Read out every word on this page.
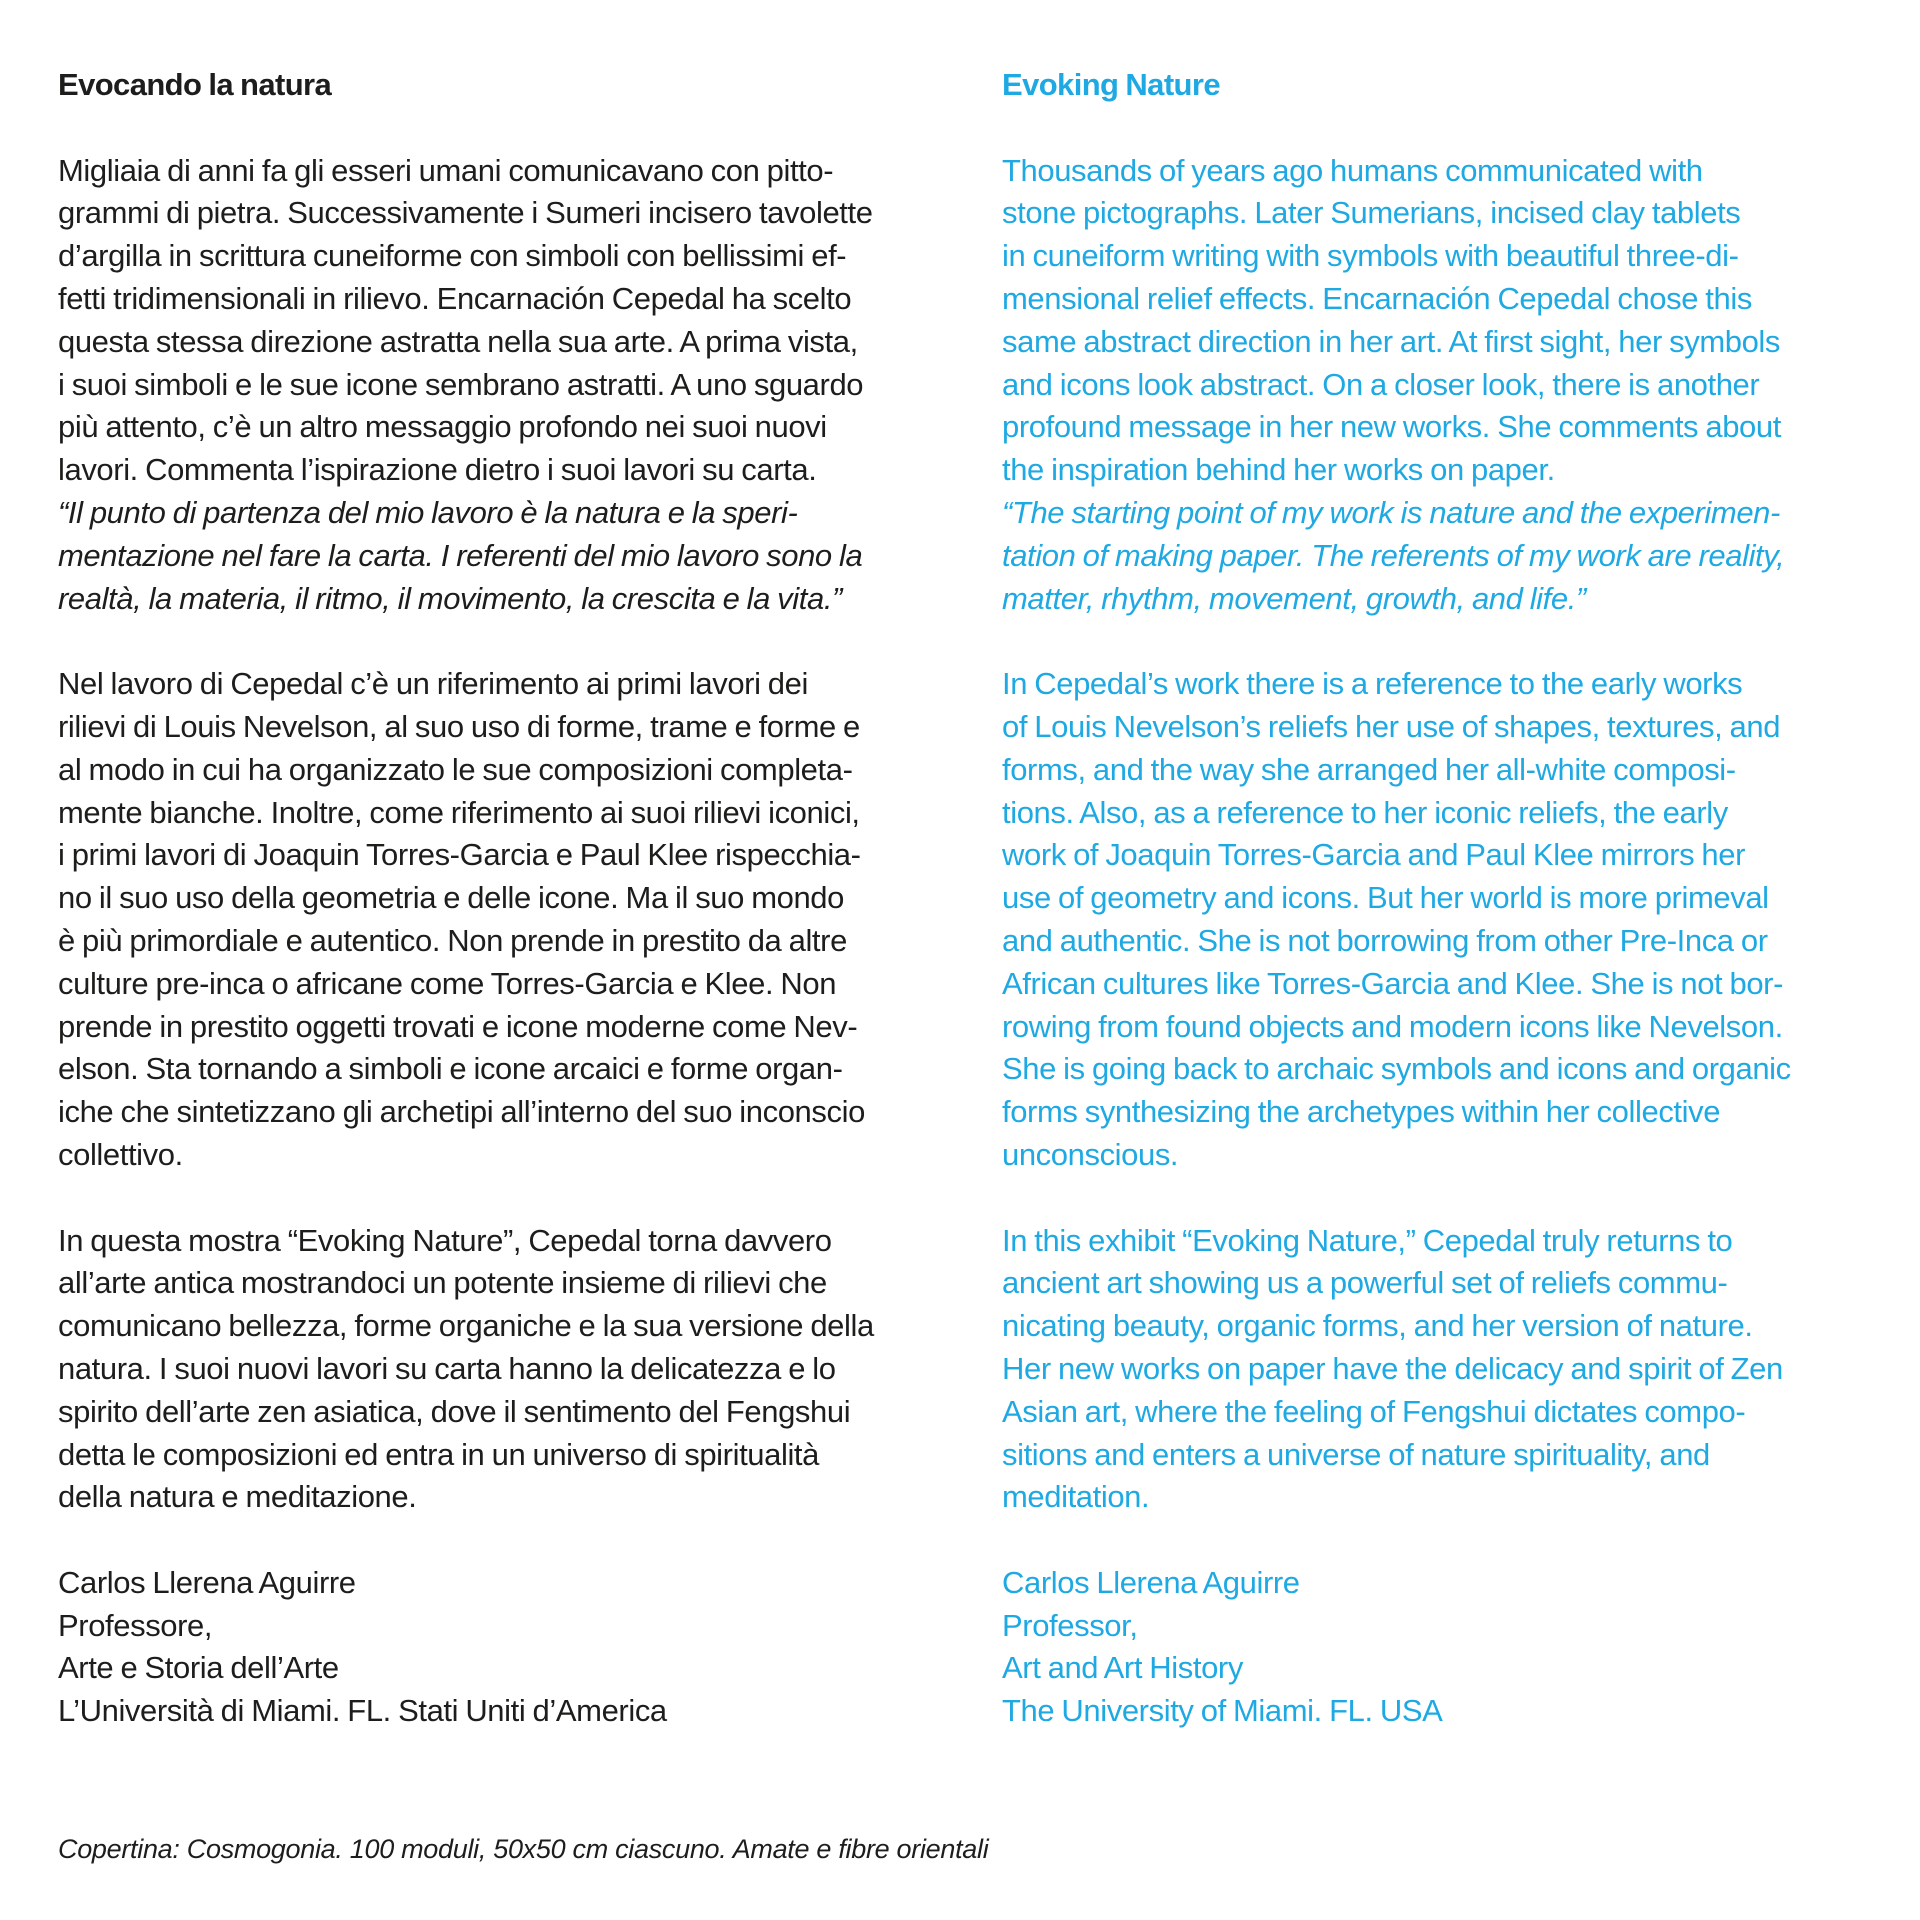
Evocando la natura
Migliaia di anni fa gli esseri umani comunicavano con pitto-
grammi di pietra. Successivamente i Sumeri incisero tavolette
d’argilla in scrittura cuneiforme con simboli con bellissimi ef-
fetti tridimensionali in rilievo. Encarnación Cepedal ha scelto
questa stessa direzione astratta nella sua arte. A prima vista,
i suoi simboli e le sue icone sembrano astratti. A uno sguardo
più attento, c’è un altro messaggio profondo nei suoi nuovi
lavori. Commenta l’ispirazione dietro i suoi lavori su carta.
“Il punto di partenza del mio lavoro è la natura e la speri-
mentazione nel fare la carta. I referenti del mio lavoro sono la
realtà, la materia, il ritmo, il movimento, la crescita e la vita.”
Nel lavoro di Cepedal c’è un riferimento ai primi lavori dei
rilievi di Louis Nevelson, al suo uso di forme, trame e forme e
al modo in cui ha organizzato le sue composizioni completa-
mente bianche. Inoltre, come riferimento ai suoi rilievi iconici,
i primi lavori di Joaquin Torres-Garcia e Paul Klee rispecchia-
no il suo uso della geometria e delle icone. Ma il suo mondo
è più primordiale e autentico. Non prende in prestito da altre
culture pre-inca o africane come Torres-Garcia e Klee. Non
prende in prestito oggetti trovati e icone moderne come Nev-
elson. Sta tornando a simboli e icone arcaici e forme organ-
iche che sintetizzano gli archetipi all’interno del suo inconscio
collettivo.
In questa mostra “Evoking Nature”, Cepedal torna davvero
all’arte antica mostrandoci un potente insieme di rilievi che
comunicano bellezza, forme organiche e la sua versione della
natura. I suoi nuovi lavori su carta hanno la delicatezza e lo
spirito dell’arte zen asiatica, dove il sentimento del Fengshui
detta le composizioni ed entra in un universo di spiritualità
della natura e meditazione.
Carlos Llerena Aguirre
Professore,
Arte e Storia dell’Arte
L’Università di Miami. FL. Stati Uniti d’America
Evoking Nature
Thousands of years ago humans communicated with
stone pictographs. Later Sumerians, incised clay tablets
in cuneiform writing with symbols with beautiful three-di-
mensional relief effects. Encarnación Cepedal chose this
same abstract direction in her art. At first sight, her symbols
and icons look abstract. On a closer look, there is another
profound message in her new works. She comments about
the inspiration behind her works on paper.
“The starting point of my work is nature and the experimen-
tation of making paper. The referents of my work are reality,
matter, rhythm, movement, growth, and life.”
In Cepedal’s work there is a reference to the early works
of Louis Nevelson’s reliefs her use of shapes, textures, and
forms, and the way she arranged her all-white composi-
tions. Also, as a reference to her iconic reliefs, the early
work of Joaquin Torres-Garcia and Paul Klee mirrors her
use of geometry and icons. But her world is more primeval
and authentic. She is not borrowing from other Pre-Inca or
African cultures like Torres-Garcia and Klee. She is not bor-
rowing from found objects and modern icons like Nevelson.
She is going back to archaic symbols and icons and organic
forms synthesizing the archetypes within her collective
unconscious.
In this exhibit “Evoking Nature,” Cepedal truly returns to
ancient art showing us a powerful set of reliefs commu-
nicating beauty, organic forms, and her version of nature.
Her new works on paper have the delicacy and spirit of Zen
Asian art, where the feeling of Fengshui dictates compo-
sitions and enters a universe of nature spirituality, and
meditation.
Carlos Llerena Aguirre
Professor,
Art and Art History
The University of Miami. FL. USA
Copertina: Cosmogonia. 100 moduli, 50x50 cm ciascuno. Amate e fibre orientali
